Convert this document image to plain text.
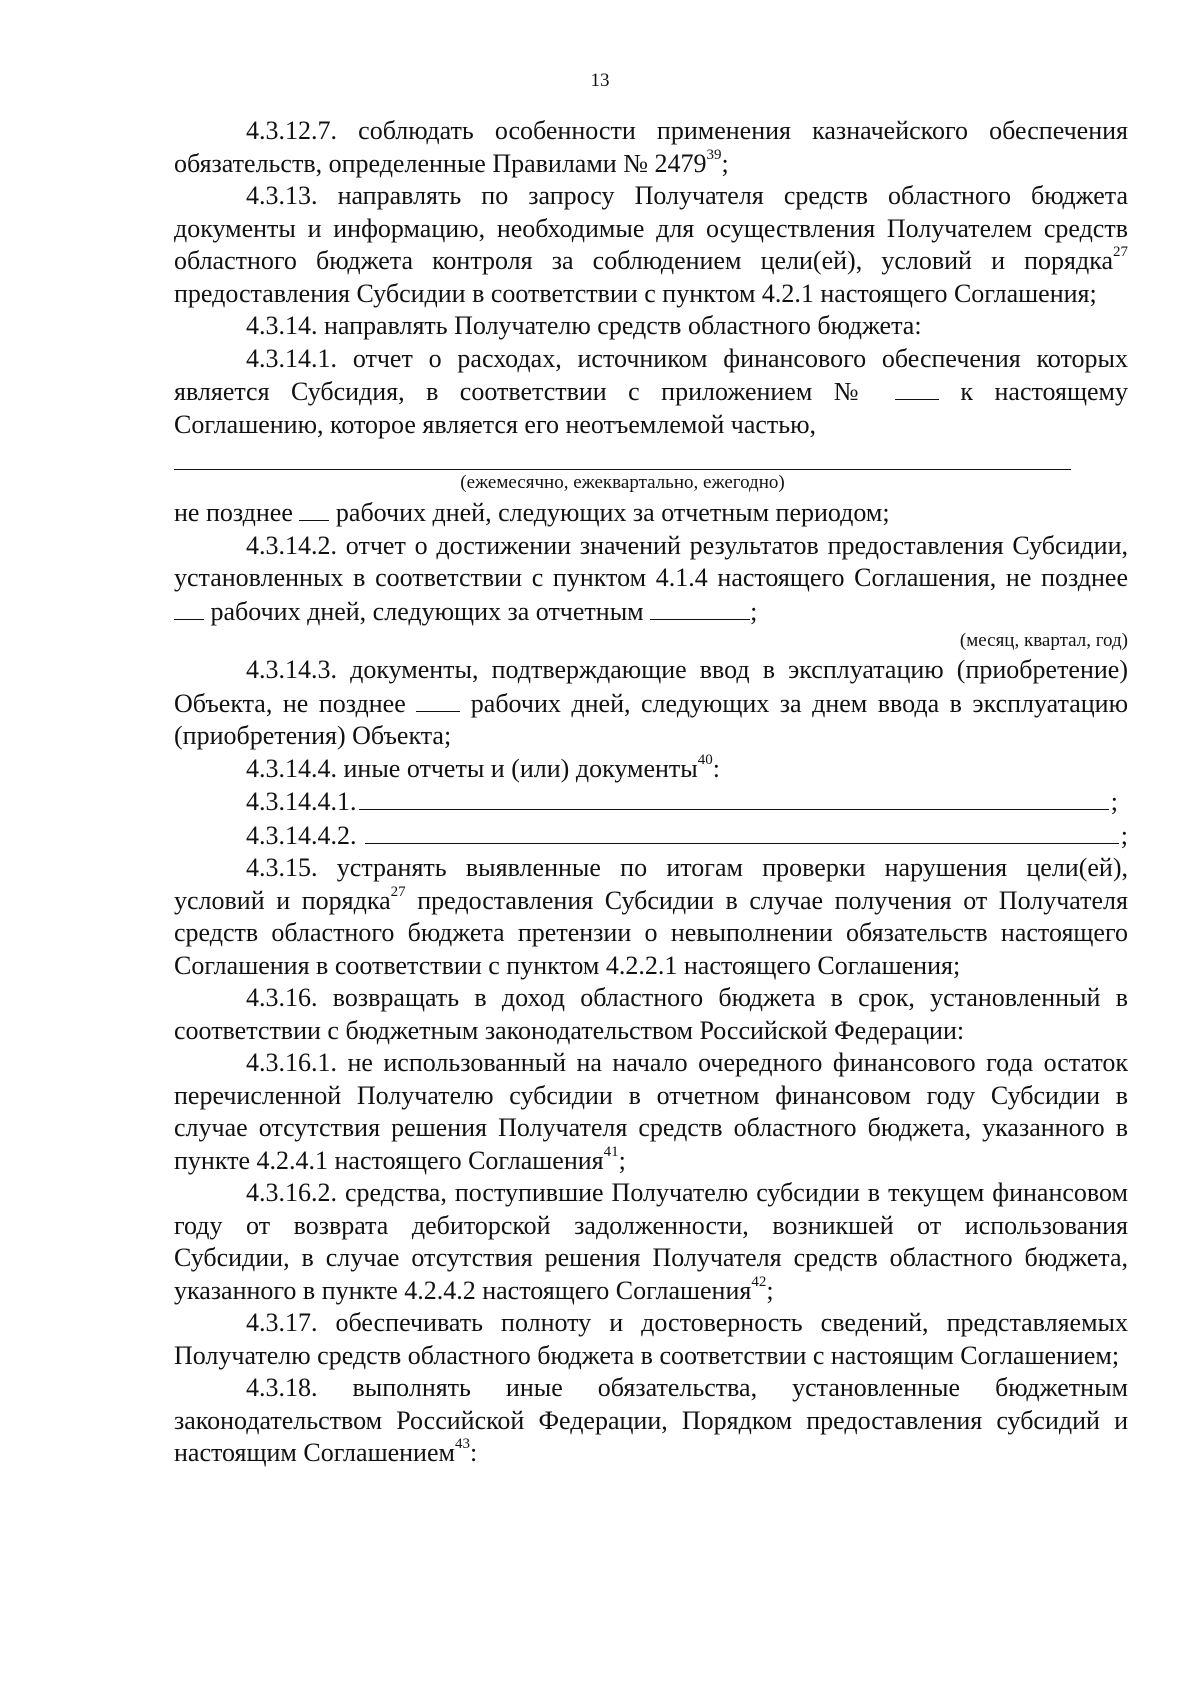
13

4.3.12.7. соблюдать особенности применения казначейского обеспечения обязательств, определенные Правилами № 2479$^{39}$;

4.3.13. направлять по запросу Получателя средств областного бюджета документы и информацию, необходимые для осуществления Получателем средств областного бюджета контроля за соблюдением цели(ей), условий и порядка$^{27}$ предоставления Субсидии в соответствии с пунктом 4.2.1 настоящего Соглашения;

4.3.14. направлять Получателю средств областного бюджета:

4.3.14.1. отчет о расходах, источником финансового обеспечения которых является Субсидия, в соответствии с приложением №	к настоящему Соглашению, которое является его неотъемлемой частью,

(ежемесячно, ежеквартально, ежегодно)

не позднее  рабочих дней, следующих за отчетным периодом;

4.3.14.2. отчет о достижении значений результатов предоставления Субсидии, установленных в соответствии с пунктом 4.1.4 настоящего Соглашения, не позднее  рабочих дней, следующих за отчетным	;

(месяц, квартал, год)

4.3.14.3. документы, подтверждающие ввод в эксплуатацию (приобретение) Объекта, не позднее  рабочих дней, следующих за днем ввода в эксплуатацию (приобретения) Объекта;

4.3.14.4. иные отчеты и (или) документы$^{40}$:

4.3.14.4.1.	;
4.3.14.4.2.	;

4.3.15. устранять выявленные по итогам проверки нарушения цели(ей), условий и порядка$^{27}$ предоставления Субсидии в случае получения от Получателя средств областного бюджета претензии о невыполнении обязательств настоящего Соглашения в соответствии с пунктом 4.2.2.1 настоящего Соглашения;

4.3.16. возвращать в доход областного бюджета в срок, установленный в соответствии с бюджетным законодательством Российской Федерации:

4.3.16.1. не использованный на начало очередного финансового года остаток перечисленной Получателю субсидии в отчетном финансовом году Субсидии в случае отсутствия решения Получателя средств областного бюджета, указанного в пункте 4.2.4.1 настоящего Соглашения$^{41}$;

4.3.16.2. средства, поступившие Получателю субсидии в текущем финансовом году от возврата дебиторской задолженности, возникшей от использования Субсидии, в случае отсутствия решения Получателя средств областного бюджета, указанного в пункте 4.2.4.2 настоящего Соглашения$^{42}$;

4.3.17. обеспечивать полноту и достоверность сведений, представляемых Получателю средств областного бюджета в соответствии с настоящим Соглашением;

4.3.18. выполнять иные обязательства, установленные бюджетным законодательством Российской Федерации, Порядком предоставления субсидий и настоящим Соглашением$^{43}$:
